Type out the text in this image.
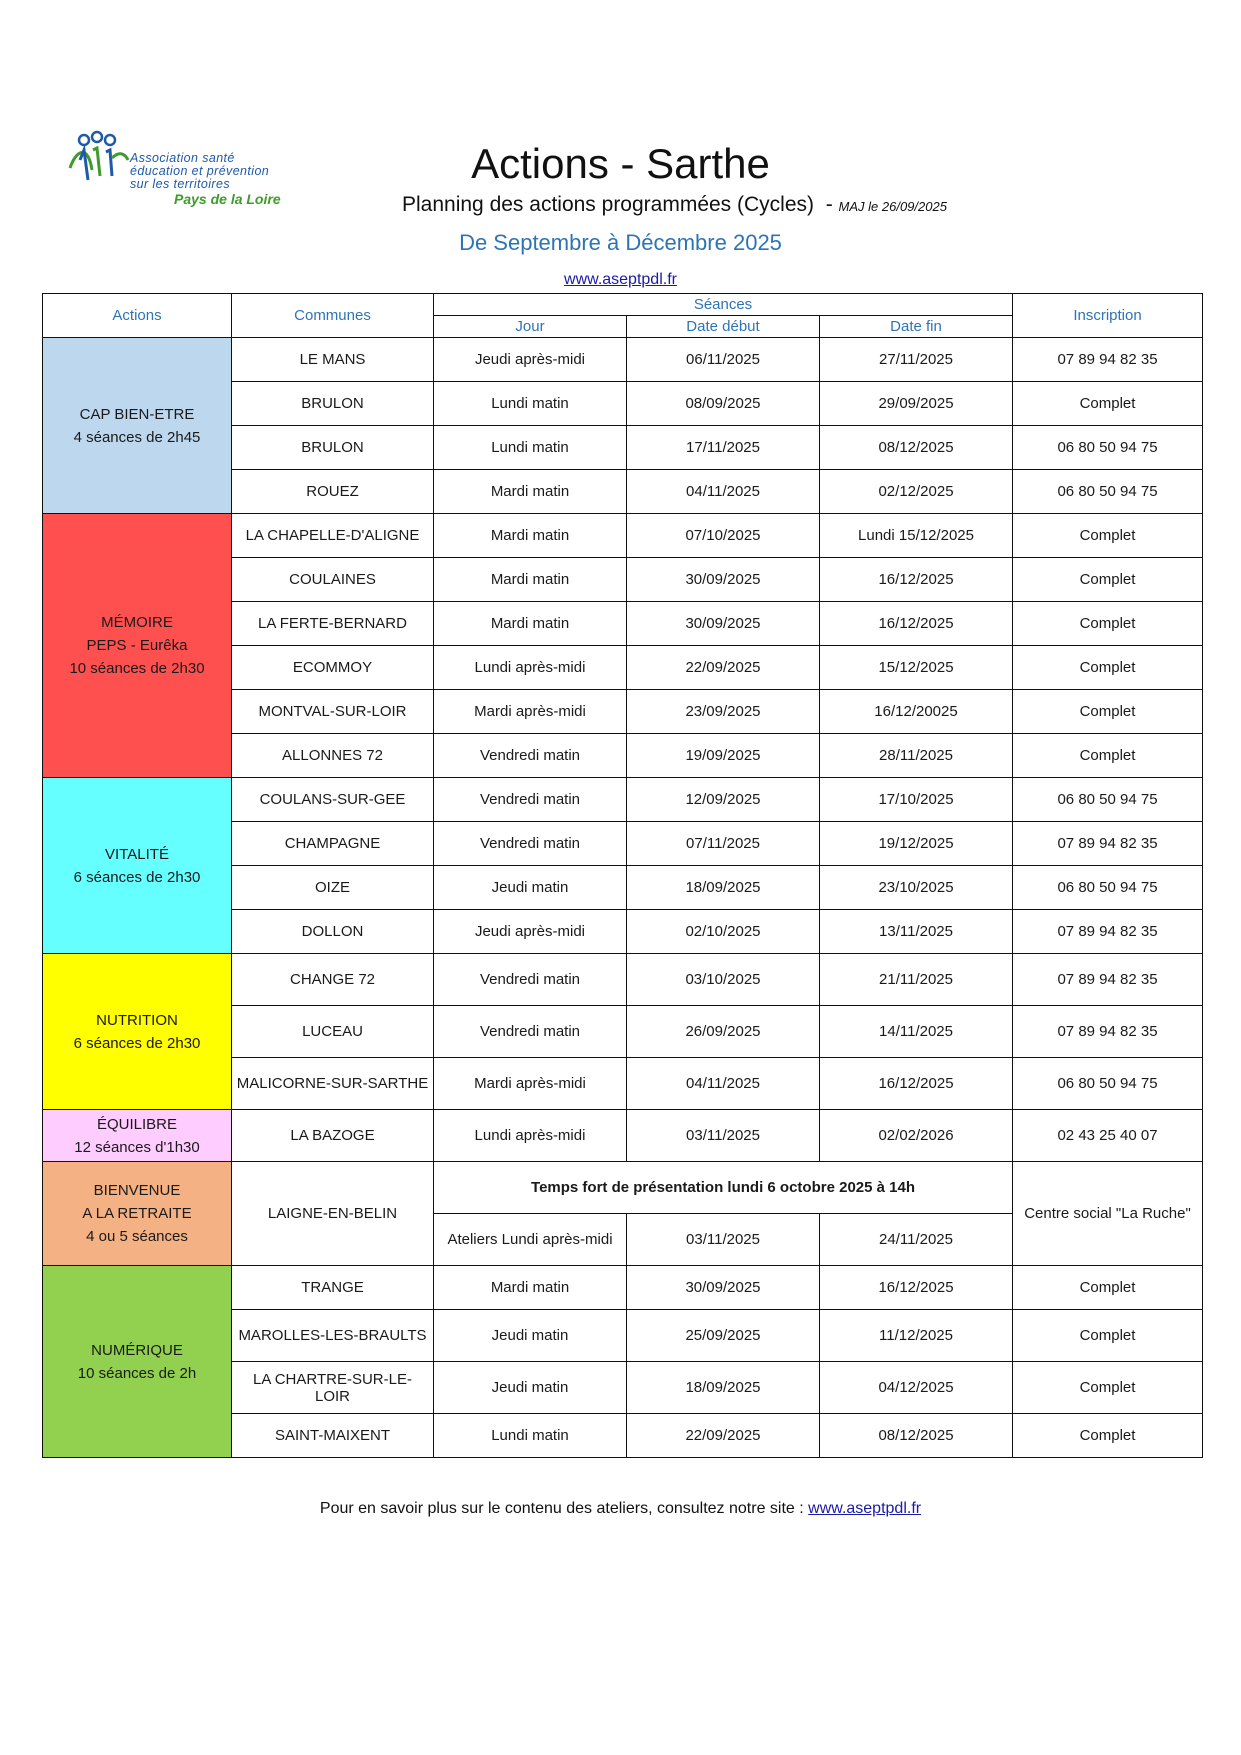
Association santé
éducation et prévention
sur les territoires
Pays de la Loire
Actions - Sarthe
Planning des actions programmées (Cycles) - MAJ le 26/09/2025
De Septembre à Décembre 2025
www.aseptpdl.fr
Actions	Communes	Séances			Inscription
		Jour	Date début	Date fin	
CAP BIEN-ETRE
4 séances de 2h45	LE MANS	Jeudi après-midi	06/11/2025	27/11/2025	07 89 94 82 35
	BRULON	Lundi matin	08/09/2025	29/09/2025	Complet
	BRULON	Lundi matin	17/11/2025	08/12/2025	06 80 50 94 75
	ROUEZ	Mardi matin	04/11/2025	02/12/2025	06 80 50 94 75
MÉMOIRE
PEPS - Eurêka
10 séances de 2h30	LA CHAPELLE-D'ALIGNE	Mardi matin	07/10/2025	Lundi 15/12/2025	Complet
	COULAINES	Mardi matin	30/09/2025	16/12/2025	Complet
	LA FERTE-BERNARD	Mardi matin	30/09/2025	16/12/2025	Complet
	ECOMMOY	Lundi après-midi	22/09/2025	15/12/2025	Complet
	MONTVAL-SUR-LOIR	Mardi après-midi	23/09/2025	16/12/20025	Complet
	ALLONNES 72	Vendredi matin	19/09/2025	28/11/2025	Complet
VITALITÉ
6 séances de 2h30	COULANS-SUR-GEE	Vendredi matin	12/09/2025	17/10/2025	06 80 50 94 75
	CHAMPAGNE	Vendredi matin	07/11/2025	19/12/2025	07 89 94 82 35
	OIZE	Jeudi matin	18/09/2025	23/10/2025	06 80 50 94 75
	DOLLON	Jeudi après-midi	02/10/2025	13/11/2025	07 89 94 82 35
NUTRITION
6 séances de 2h30	CHANGE 72	Vendredi matin	03/10/2025	21/11/2025	07 89 94 82 35
	LUCEAU	Vendredi matin	26/09/2025	14/11/2025	07 89 94 82 35
	MALICORNE-SUR-SARTHE	Mardi après-midi	04/11/2025	16/12/2025	06 80 50 94 75
ÉQUILIBRE
12 séances d'1h30	LA BAZOGE	Lundi après-midi	03/11/2025	02/02/2026	02 43 25 40 07
BIENVENUE
A LA RETRAITE
4 ou 5 séances	LAIGNE-EN-BELIN	Temps fort de présentation lundi 6 octobre 2025 à 14h			Centre social "La Ruche"
		Ateliers Lundi après-midi	03/11/2025	24/11/2025	
NUMÉRIQUE
10 séances de 2h	TRANGE	Mardi matin	30/09/2025	16/12/2025	Complet
	MAROLLES-LES-BRAULTS	Jeudi matin	25/09/2025	11/12/2025	Complet
	LA CHARTRE-SUR-LE-LOIR	Jeudi matin	18/09/2025	04/12/2025	Complet
	SAINT-MAIXENT	Lundi matin	22/09/2025	08/12/2025	Complet
Pour en savoir plus sur le contenu des ateliers, consultez notre site : www.aseptpdl.fr
